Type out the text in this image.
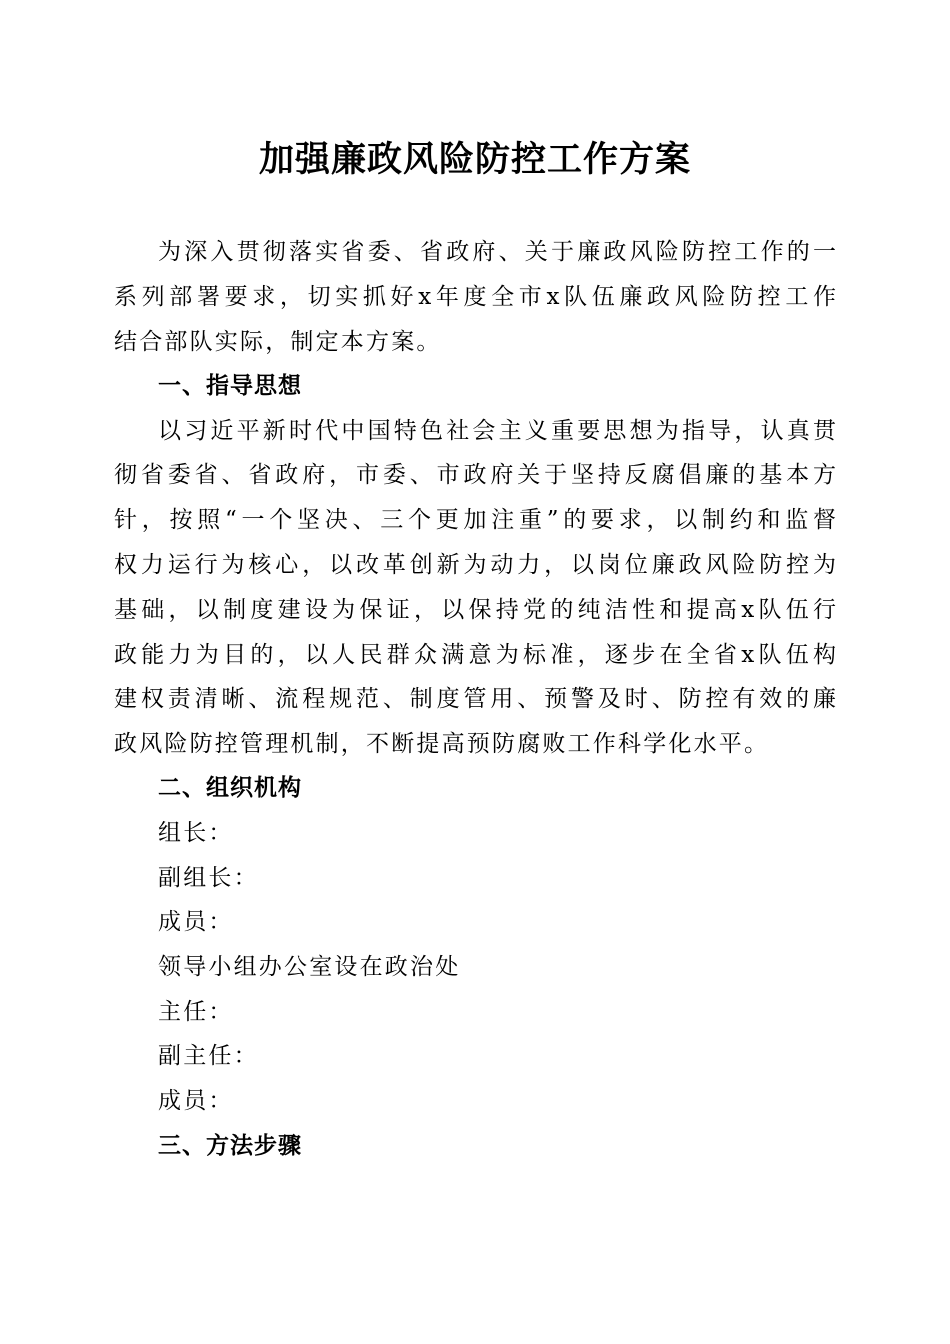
加强廉政风险防控工作方案

为深入贯彻落实省委、省政府、关于廉政风险防控工作的一

系列部署要求，切实抓好x年度全市x队伍廉政风险防控工作

结合部队实际，制定本方案。

一、指导思想

以习近平新时代中国特色社会主义重要思想为指导，认真贯

彻省委省、省政府，市委、市政府关于坚持反腐倡廉的基本方

针，按照“一个坚决、三个更加注重”的要求，以制约和监督

权力运行为核心，以改革创新为动力，以岗位廉政风险防控为

基础，以制度建设为保证，以保持党的纯洁性和提高x队伍行

政能力为目的，以人民群众满意为标准，逐步在全省x队伍构

建权责清晰、流程规范、制度管用、预警及时、防控有效的廉

政风险防控管理机制，不断提高预防腐败工作科学化水平。

二、组织机构

组长：

副组长：

成员：

领导小组办公室设在政治处

主任：

副主任：

成员：

三、方法步骤
